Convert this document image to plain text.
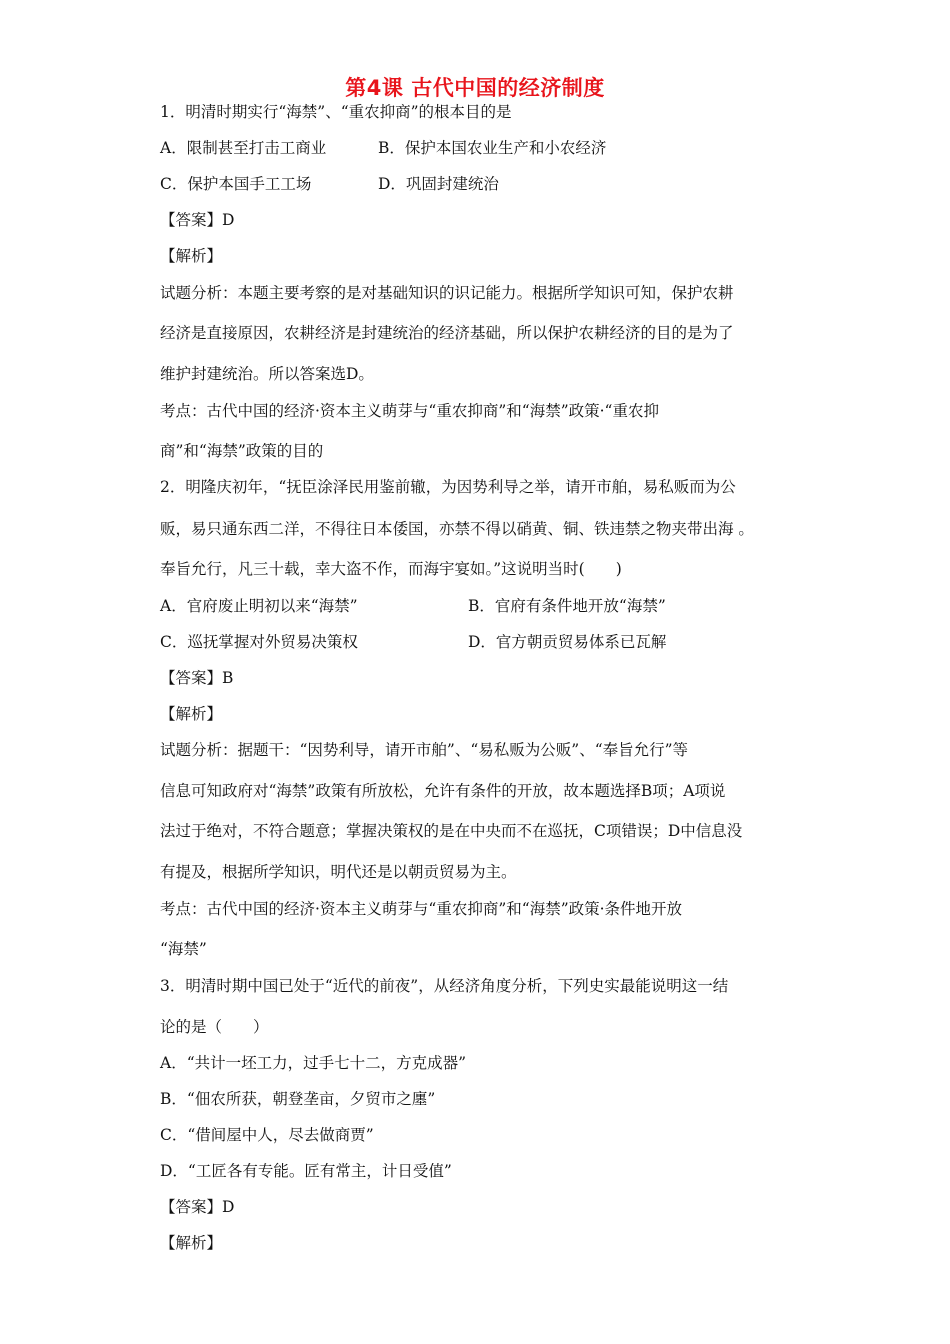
第4课 古代中国的经济制度
1．明清时期实行“海禁”、“重农抑商”的根本目的是
A．限制甚至打击工商业	B．保护本国农业生产和小农经济
C．保护本国手工工场	D．巩固封建统治
【答案】D
【解析】
试题分析：本题主要考察的是对基础知识的识记能力。根据所学知识可知，保护农耕
经济是直接原因，农耕经济是封建统治的经济基础，所以保护农耕经济的目的是为了
维护封建统治。所以答案选D。
考点：古代中国的经济·资本主义萌芽与“重农抑商”和“海禁”政策·“重农抑
商”和“海禁”政策的目的
2．明隆庆初年，“抚臣涂泽民用鉴前辙，为因势利导之举，请开市舶，易私贩而为公
贩，易只通东西二洋，不得往日本倭国，亦禁不得以硝黄、铜、铁违禁之物夹带出海 。
奉旨允行，凡三十载，幸大盗不作，而海宇宴如。”这说明当时(　　)
A．官府废止明初以来“海禁”	B．官府有条件地开放“海禁”
C．巡抚掌握对外贸易决策权	D．官方朝贡贸易体系已瓦解
【答案】B
【解析】
试题分析：据题干：“因势利导，请开市舶”、“易私贩为公贩”、“奉旨允行”等
信息可知政府对“海禁”政策有所放松，允许有条件的开放，故本题选择B项；A项说
法过于绝对，不符合题意；掌握决策权的是在中央而不在巡抚，C项错误；D中信息没
有提及，根据所学知识，明代还是以朝贡贸易为主。
考点：古代中国的经济·资本主义萌芽与“重农抑商”和“海禁”政策·条件地开放
“海禁”
3．明清时期中国已处于“近代的前夜”，从经济角度分析，下列史实最能说明这一结
论的是（　　）
A．“共计一坯工力，过手七十二，方克成器”
B．“佃农所获，朝登垄亩，夕贸市之廛”
C．“借间屋中人，尽去做商贾”
D．“工匠各有专能。匠有常主，计日受值”
【答案】D
【解析】
